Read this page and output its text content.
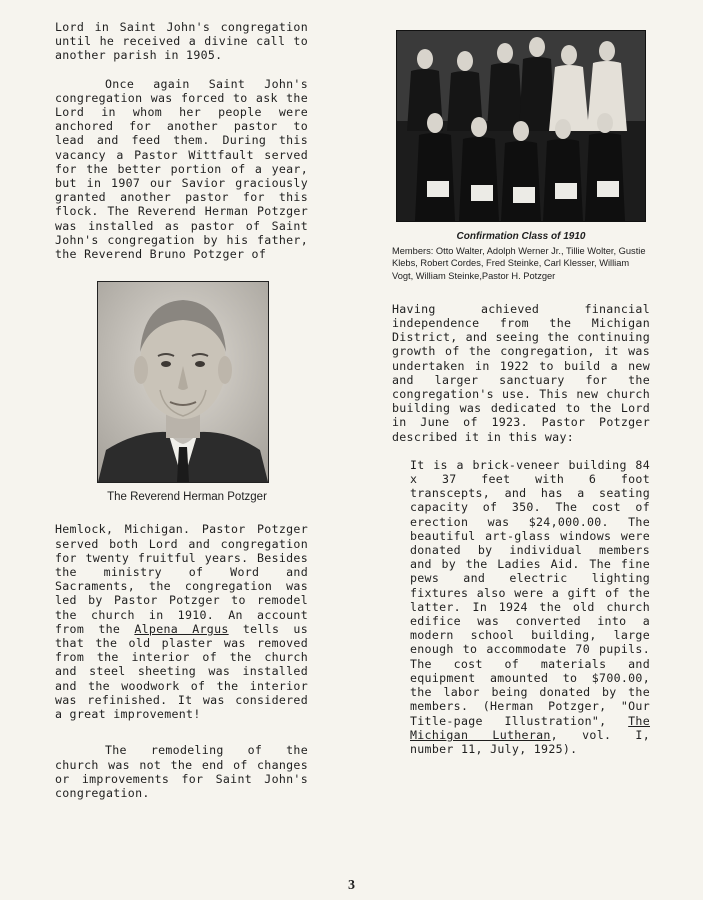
Lord in Saint John's congregation until he received a divine call to another parish in 1905.

Once again Saint John's congregation was forced to ask the Lord in whom her people were anchored for another pastor to lead and feed them. During this vacancy a Pastor Wittfault served for the better portion of a year, but in 1907 our Savior graciously granted another pastor for this flock. The Reverend Herman Potzger was installed as pastor of Saint John's congregation by his father, the Reverend Bruno Potzger of

The Reverend Herman Potzger

Hemlock, Michigan. Pastor Potzger served both Lord and congregation for twenty fruitful years. Besides the ministry of Word and Sacraments, the congregation was led by Pastor Potzger to remodel the church in 1910. An account from the Alpena Argus tells us that the old plaster was removed from the interior of the church and steel sheeting was installed and the woodwork of the interior was refinished. It was considered a great improvement!

The remodeling of the church was not the end of changes or improvements for Saint John's congregation.

Confirmation Class of 1910
Members: Otto Walter, Adolph Werner Jr., Tillie Wolter, Gustie Klebs, Robert Cordes, Fred Steinke, Carl Klesser, William Vogt, William Steinke,Pastor H. Potzger

Having achieved financial independence from the Michigan District, and seeing the continuing growth of the congregation, it was undertaken in 1922 to build a new and larger sanctuary for the congregation's use. This new church building was dedicated to the Lord in June of 1923. Pastor Potzger described it in this way:

It is a brick-veneer building 84 x 37 feet with 6 foot transcepts, and has a seating capacity of 350. The cost of erection was $24,000.00. The beautiful art-glass windows were donated by individual members and by the Ladies Aid. The fine pews and electric lighting fixtures also were a gift of the latter. In 1924 the old church edifice was converted into a modern school building, large enough to accommodate 70 pupils. The cost of materials and equipment amounted to $700.00, the labor being donated by the members. (Herman Potzger, "Our Title-page Illustration", The Michigan Lutheran, vol. I, number 11, July, 1925).

3
